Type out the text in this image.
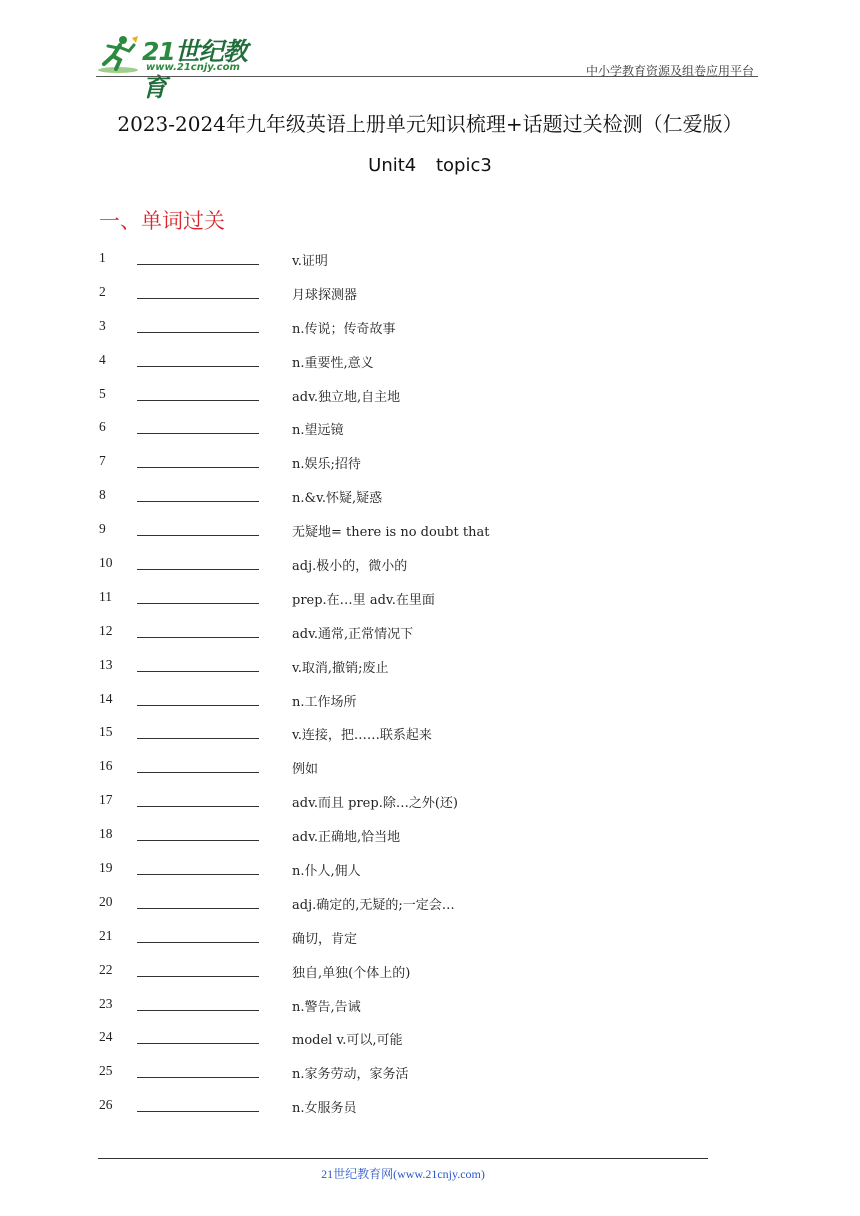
21世纪教育
www.21cnjy.com	中小学教育资源及组卷应用平台
2023-2024年九年级英语上册单元知识梳理+话题过关检测（仁爱版）
Unit4 topic3
一、单词过关
1	v.证明
2	月球探测器
3	n.传说；传奇故事
4	n.重要性,意义
5	adv.独立地,自主地
6	n.望远镜
7	n.娱乐;招待
8	n.&v.怀疑,疑惑
9	无疑地= there is no doubt that
10	adj.极小的，微小的
11	prep.在…里 adv.在里面
12	adv.通常,正常情况下
13	v.取消,撤销;废止
14	n.工作场所
15	v.连接，把……联系起来
16	例如
17	adv.而且 prep.除…之外(还)
18	adv.正确地,恰当地
19	n.仆人,佣人
20	adj.确定的,无疑的;一定会…
21	确切，肯定
22	独自,单独(个体上的)
23	n.警告,告诫
24	model v.可以,可能
25	n.家务劳动，家务活
26	n.女服务员
21世纪教育网(www.21cnjy.com)
